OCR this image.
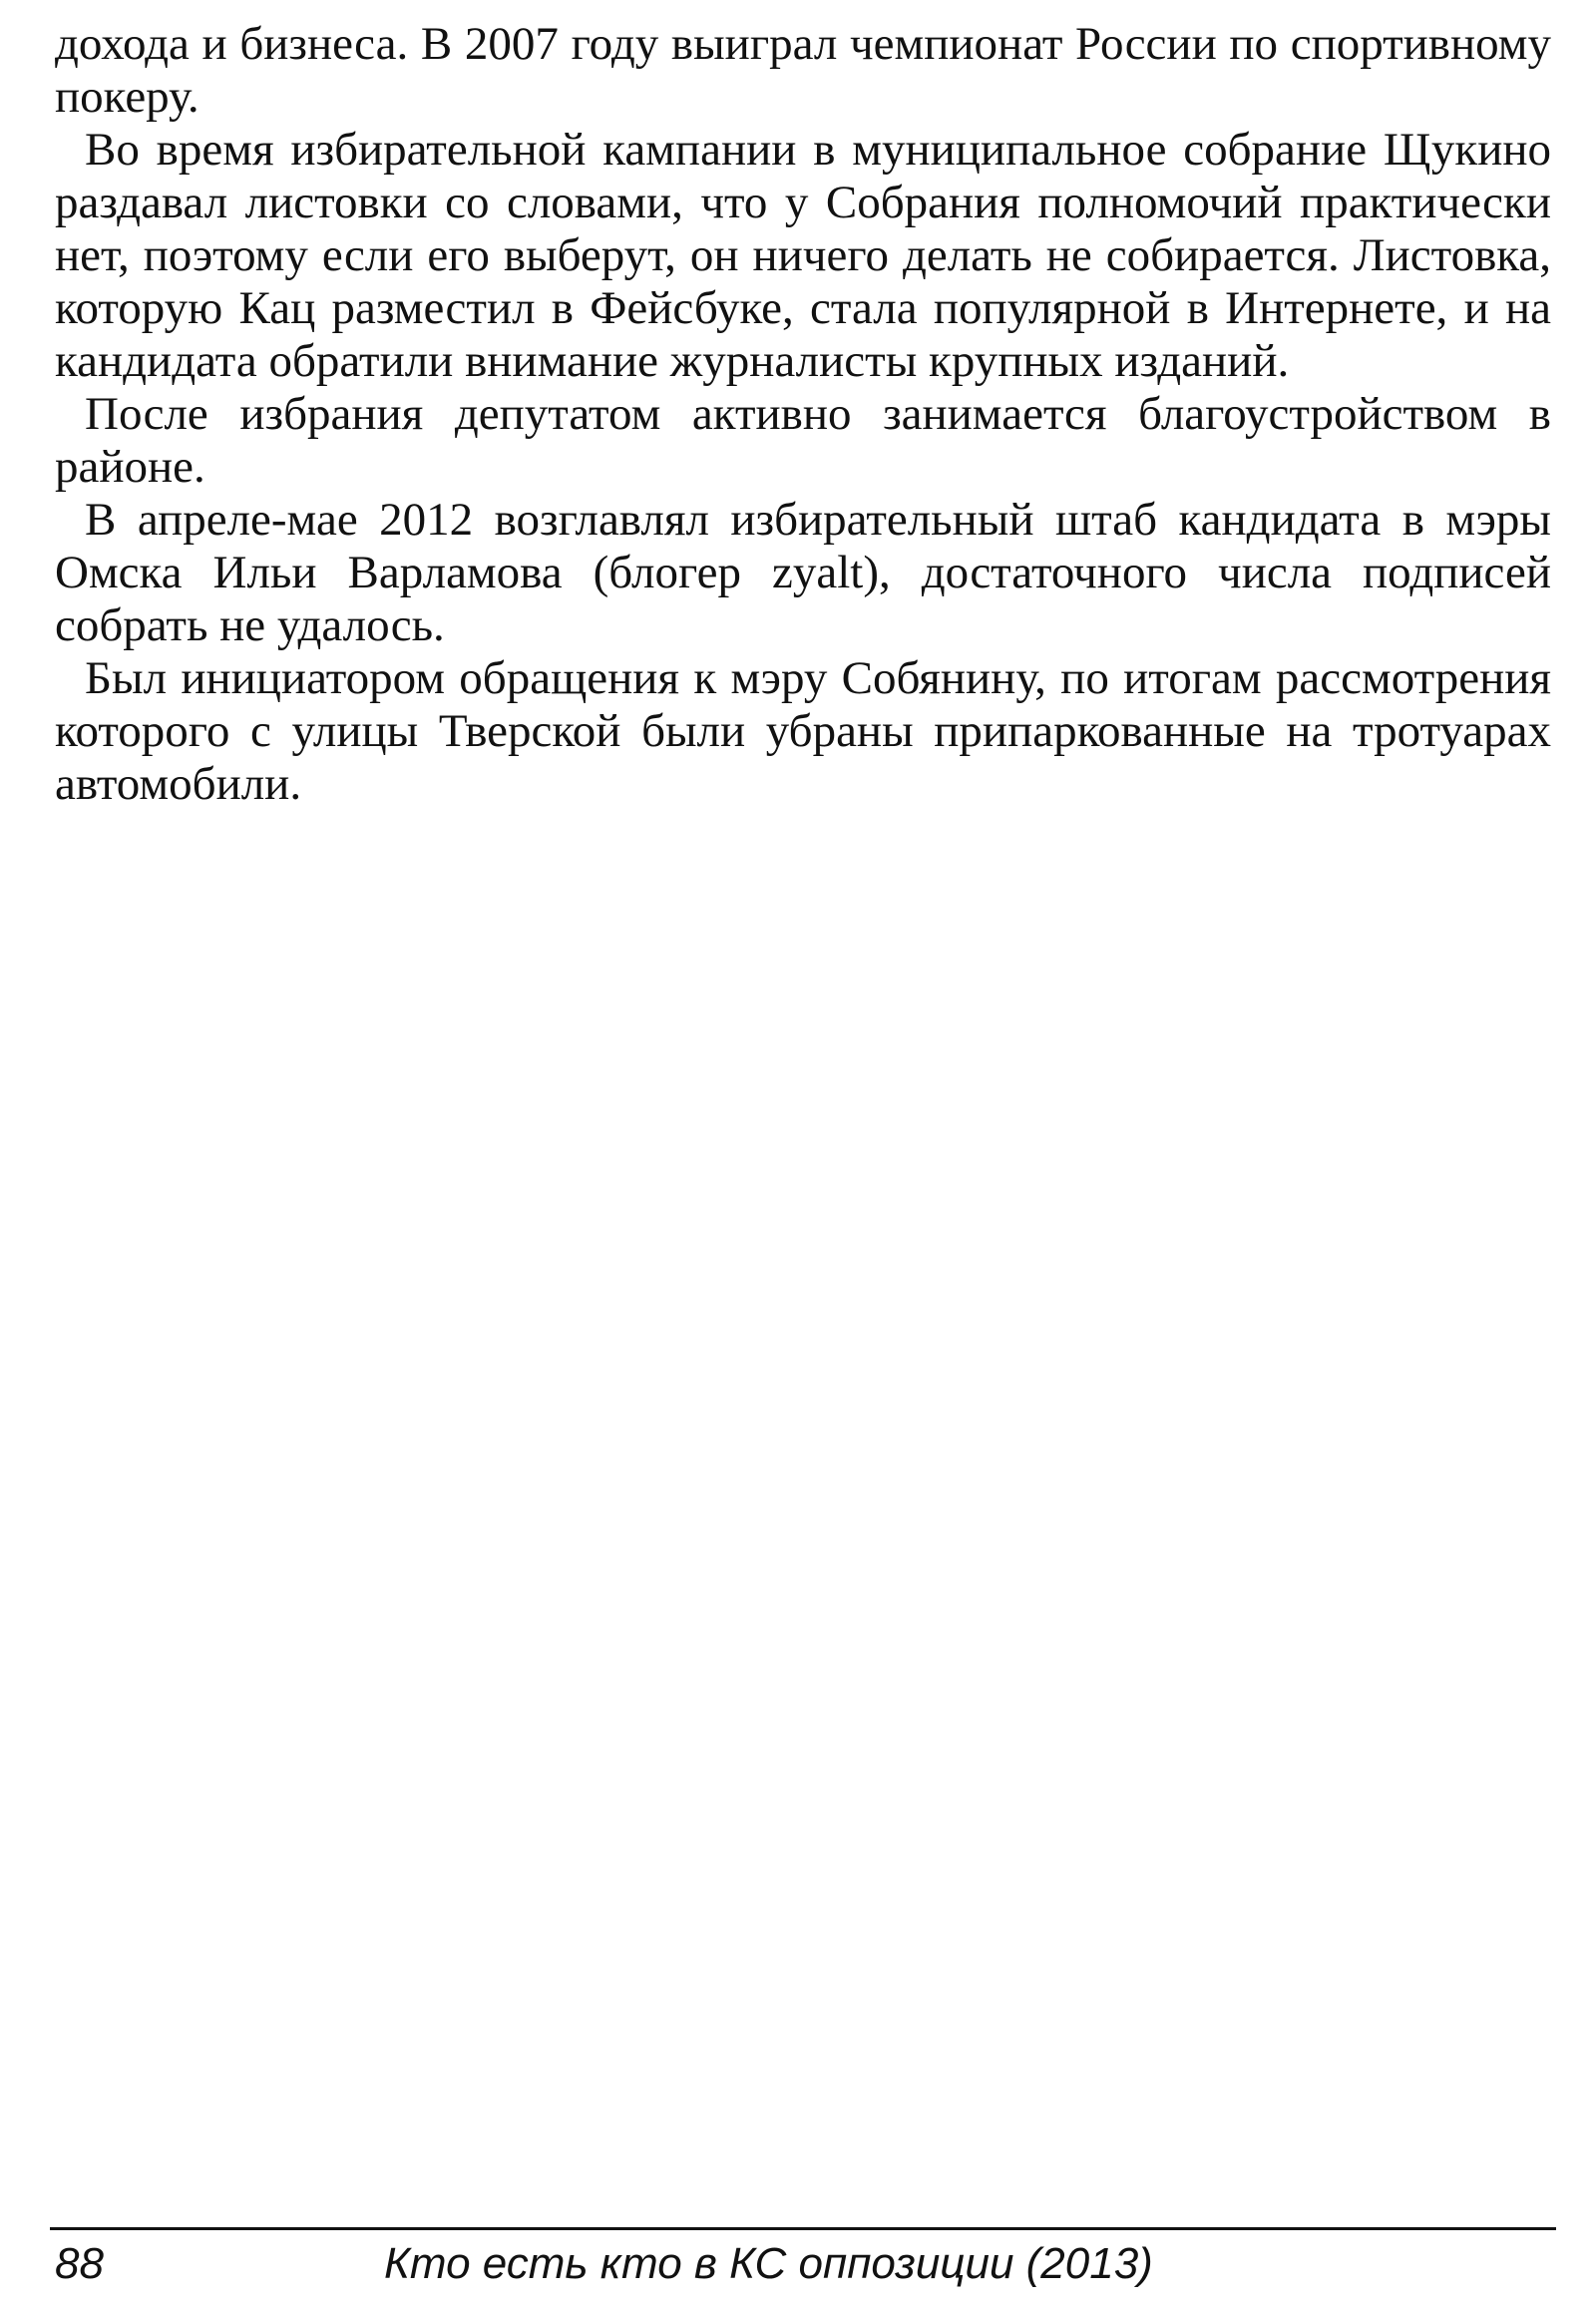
дохода и бизнеса. В 2007 году выиграл чемпионат России по спортивному покеру.

Во время избирательной кампании в муниципальное собрание Щукино раздавал листовки со словами, что у Собрания полномочий практически нет, поэтому если его выберут, он ничего делать не собирается. Листовка, которую Кац разместил в Фейсбуке, стала популярной в Интернете, и на кандидата обратили внимание журналисты крупных изданий.

После избрания депутатом активно занимается благоустройством в районе.

В апреле-мае 2012 возглавлял избирательный штаб кандидата в мэры Омска Ильи Варламова (блогер zyalt), достаточного числа подписей собрать не удалось.

Был инициатором обращения к мэру Собянину, по итогам рассмотрения которого с улицы Тверской были убраны припаркованные на тротуарах автомобили.

88	Кто есть кто в КС оппозиции (2013)
